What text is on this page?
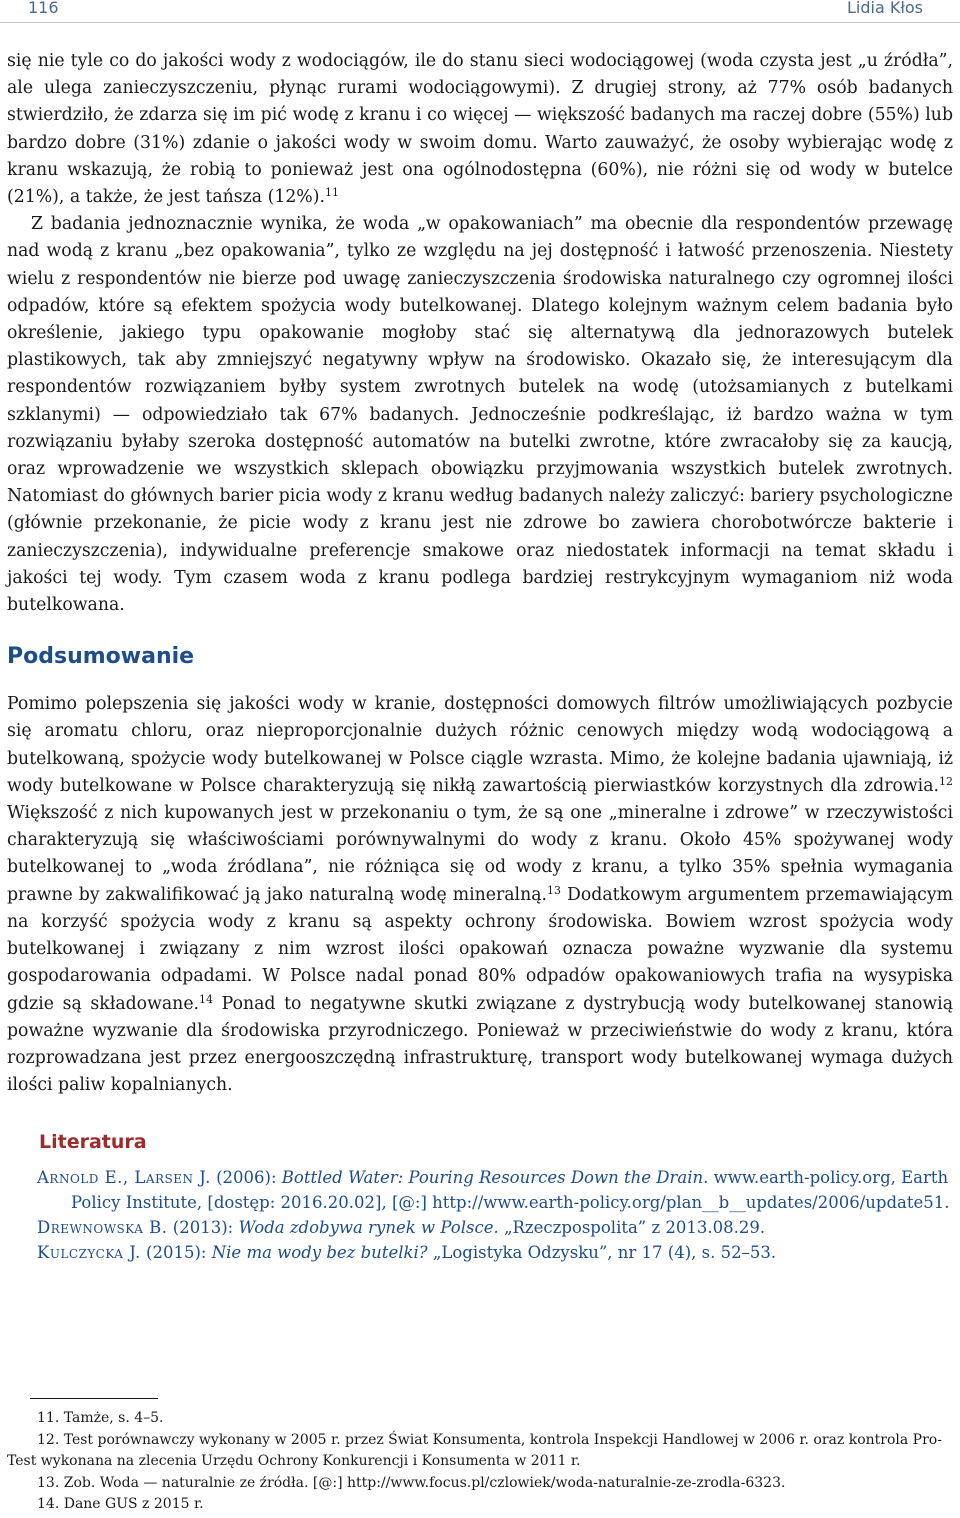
116	Lidia Kłos

się nie tyle co do jakości wody z wodociągów, ile do stanu sieci wodociągowej (woda czysta jest „u źródła”, ale ulega zanieczyszczeniu, płynąc rurami wodociągowymi). Z drugiej strony, aż 77% osób badanych stwierdziło, że zdarza się im pić wodę z kranu i co więcej — większość badanych ma raczej dobre (55%) lub bardzo dobre (31%) zdanie o jakości wody w swoim domu. Warto zauważyć, że osoby wybierając wodę z kranu wskazują, że robią to ponieważ jest ona ogólnodostępna (60%), nie różni się od wody w butelce (21%), a także, że jest tańsza (12%).$^{11}$

Z badania jednoznacznie wynika, że woda „w opakowaniach” ma obecnie dla respondentów przewagę nad wodą z kranu „bez opakowania”, tylko ze względu na jej dostępność i łatwość przenoszenia. Niestety wielu z respondentów nie bierze pod uwagę zanieczyszczenia środowiska naturalnego czy ogromnej ilości odpadów, które są efektem spożycia wody butelkowanej. Dlatego kolejnym ważnym celem badania było określenie, jakiego typu opakowanie mogłoby stać się alternatywą dla jednorazowych butelek plastikowych, tak aby zmniejszyć negatywny wpływ na środowisko. Okazało się, że interesującym dla respondentów rozwiązaniem byłby system zwrotnych butelek na wodę (utożsamianych z butelkami szklanymi) — odpowiedziało tak 67% badanych. Jednocześnie podkreślając, iż bardzo ważna w tym rozwiązaniu byłaby szeroka dostępność automatów na butelki zwrotne, które zwracałoby się za kaucją, oraz wprowadzenie we wszystkich sklepach obowiązku przyjmowania wszystkich butelek zwrotnych. Natomiast do głównych barier picia wody z kranu według badanych należy zaliczyć: bariery psychologiczne (głównie przekonanie, że picie wody z kranu jest nie zdrowe bo zawiera chorobotwórcze bakterie i zanieczyszczenia), indywidualne preferencje smakowe oraz niedostatek informacji na temat składu i jakości tej wody. Tym czasem woda z kranu podlega bardziej restrykcyjnym wymaganiom niż woda butelkowana.

Podsumowanie

Pomimo polepszenia się jakości wody w kranie, dostępności domowych filtrów umożliwiających pozbycie się aromatu chloru, oraz nieproporcjonalnie dużych różnic cenowych między wodą wodociągową a butelkowaną, spożycie wody butelkowanej w Polsce ciągle wzrasta. Mimo, że kolejne badania ujawniają, iż wody butelkowane w Polsce charakteryzują się nikłą zawartością pierwiastków korzystnych dla zdrowia.$^{12}$ Większość z nich kupowanych jest w przekonaniu o tym, że są one „mineralne i zdrowe” w rzeczywistości charakteryzują się właściwościami porównywalnymi do wody z kranu. Około 45% spożywanej wody butelkowanej to „woda źródlana”, nie różniąca się od wody z kranu, a tylko 35% spełnia wymagania prawne by zakwalifikować ją jako naturalną wodę mineralną.$^{13}$ Dodatkowym argumentem przemawiającym na korzyść spożycia wody z kranu są aspekty ochrony środowiska. Bowiem wzrost spożycia wody butelkowanej i związany z nim wzrost ilości opakowań oznacza poważne wyzwanie dla systemu gospodarowania odpadami. W Polsce nadal ponad 80% odpadów opakowaniowych trafia na wysypiska gdzie są składowane.$^{14}$ Ponad to negatywne skutki związane z dystrybucją wody butelkowanej stanowią poważne wyzwanie dla środowiska przyrodniczego. Ponieważ w przeciwieństwie do wody z kranu, która rozprowadzana jest przez energooszczędną infrastrukturę, transport wody butelkowanej wymaga dużych ilości paliw kopalnianych.

Literatura
Arnold E., Larsen J. (2006): Bottled Water: Pouring Resources Down the Drain. www.earth-policy.org, Earth Policy Institute, [dostęp: 2016.20.02], [@:] http://www.earth-policy.org/plan__b__updates/2006/update51.
Drewnowska B. (2013): Woda zdobywa rynek w Polsce. „Rzeczpospolita” z 2013.08.29.
Kulczycka J. (2015): Nie ma wody bez butelki? „Logistyka Odzysku”, nr 17 (4), s. 52–53.

11. Tamże, s. 4–5.

12. Test porównawczy wykonany w 2005 r. przez Świat Konsumenta, kontrola Inspekcji Handlowej w 2006 r. oraz kontrola Pro-Test wykonana na zlecenia Urzędu Ochrony Konkurencji i Konsumenta w 2011 r.

13. Zob. Woda — naturalnie ze źródła. [@:] http://www.focus.pl/czlowiek/woda-naturalnie-ze-zrodla-6323.

14. Dane GUS z 2015 r.
